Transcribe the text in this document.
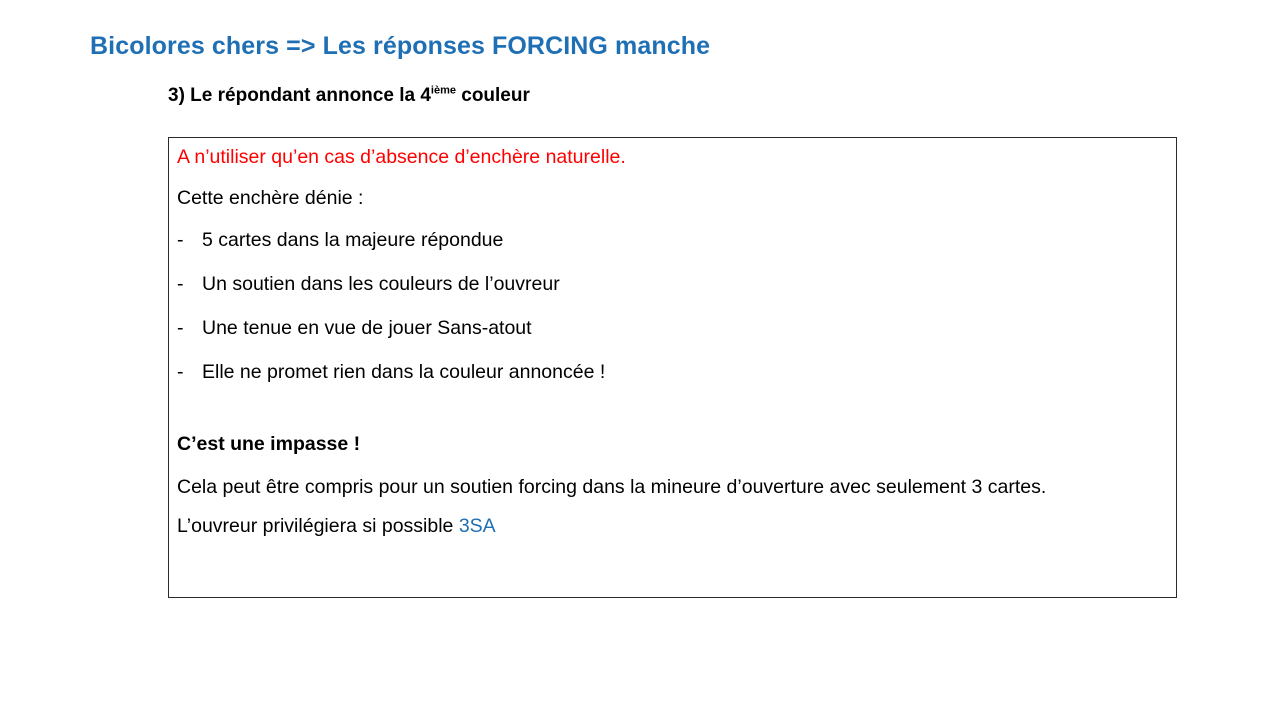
Bicolores chers => Les réponses FORCING manche
3) Le répondant annonce la 4ième couleur

A n’utiliser qu’en cas d’absence d’enchère naturelle.

Cette enchère dénie :

- 5 cartes dans la majeure répondue

- Un soutien dans les couleurs de l’ouvreur

- Une tenue en vue de jouer Sans-atout

- Elle ne promet rien dans la couleur annoncée !

C’est une impasse !

Cela peut être compris pour un soutien forcing dans la mineure d’ouverture avec seulement 3 cartes.

L’ouvreur privilégiera si possible 3SA
